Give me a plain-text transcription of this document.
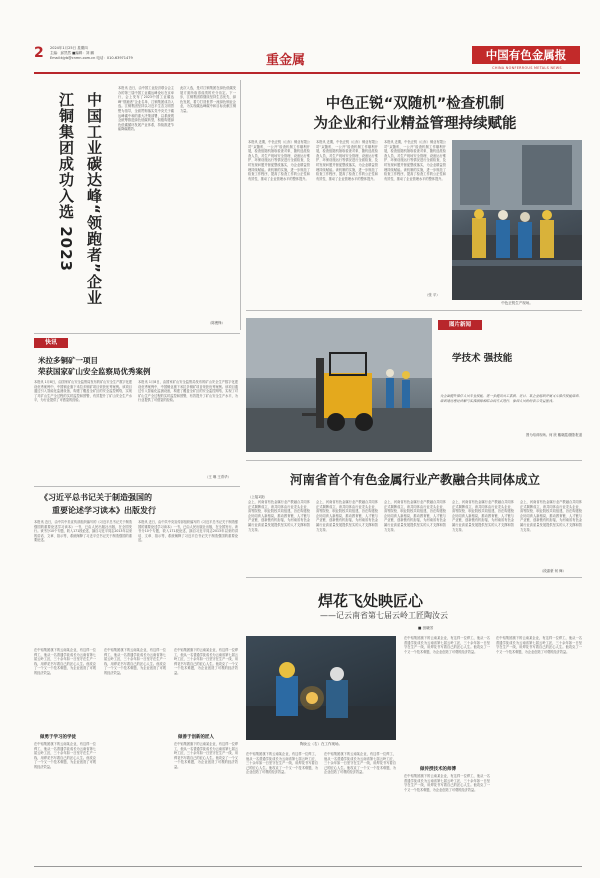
2 2024年1月25日 星期四
主编：邱然然 ■编辑：刘 鹏
Email:kjyb@cnmn.com.cn 电话：010-63971479	重金属	中国有色金属报
CHINA NONFERROUS METALS NEWS
中国工业碳达峰“领跑者”企业
江铜集团成功入选 2023
本报讯 近日，由中国工业经济联合会主办的第三届中国工业碳达峰论坛在京举行，会上发布了2023中国工业碳达峰“领跑者”企业名单，江铜集团成功入选。江铜集团坚持以习近平生态文明思想为指导，全面贯彻落实党中央关于碳达峰碳中和的重大决策部署，以系统观念统筹推进绿色低碳转型，积极构建绿色低碳循环发展产业体系，持续推进节能降碳增效。
此次入选，是对江铜集团在绿色低碳发展方面所取得成绩的充分肯定。下一步，江铜集团将继续坚持生态优先、绿色发展，着力打造世界一流绿色铜业企业，为实现碳达峰碳中和目标贡献江铜力量。
（陈俊锋）
快讯
米拉多铜矿一项目
荣获国家矿山安全监察局优秀案例
本报讯 1月8日，由国家矿山安全监察局发布的矿山安全生产数字化建设优秀案例中，中国铜业旗下米拉多铜矿项目荣获优秀案例。该项目通过引入智能化监测设备，构建了覆盖全矿区的安全监控网络，实现了对矿山生产全过程的实时监控和预警，有效提升了矿山安全生产水平，为行业提供了可借鉴的经验。
本报讯 1月8日，由国家矿山安全监察局发布的矿山安全生产数字化建设优秀案例中，中国铜业旗下米拉多铜矿项目荣获优秀案例。该项目通过引入智能化监测设备，构建了覆盖全矿区的安全监控网络，实现了对矿山生产全过程的实时监控和预警，有效提升了矿山安全生产水平，为行业提供了可借鉴的经验。
（王 琳 王青华）
《习近平总书记关于制造强国的
重要论述学习读本》出版发行
本报讯 近日，由中共中央宣传部组织编写的《习近平总书记关于制造强国的重要论述学习读本》一书，已由人民出版社出版，在全国发行。该书分10个专题，收入171段论述，摘自习近平同志2013年以来的讲话、文章、指示等，系统阐释了习近平总书记关于制造强国的重要论述。
本报讯 近日，由中共中央宣传部组织编写的《习近平总书记关于制造强国的重要论述学习读本》一书，已由人民出版社出版，在全国发行。该书分10个专题，收入171段论述，摘自习近平同志2013年以来的讲话、文章、指示等，系统阐释了习近平总书记关于制造强国的重要论述。
中色正锐“双随机”检查机制
为企业和行业精益管理持续赋能
本报讯 近期，中色正锐（山东）铜业有限公司“双随机、一公开”检查机制工作顺利开展，检查组随机抽取检查对象、随机选派检查人员，对生产现场安全管理、设备运行维护、环保设施运行等情况进行全面检查，及时发现问题并督促整改落实，为企业精益管理持续赋能。该机制的实施，进一步规范了检查工作程序，提高了检查工作的公正性和有效性，推动了企业管理水平的整体提升。
本报讯 近期，中色正锐（山东）铜业有限公司“双随机、一公开”检查机制工作顺利开展，检查组随机抽取检查对象、随机选派检查人员，对生产现场安全管理、设备运行维护、环保设施运行等情况进行全面检查，及时发现问题并督促整改落实，为企业精益管理持续赋能。该机制的实施，进一步规范了检查工作程序，提高了检查工作的公正性和有效性，推动了企业管理水平的整体提升。
本报讯 近期，中色正锐（山东）铜业有限公司“双随机、一公开”检查机制工作顺利开展，检查组随机抽取检查对象、随机选派检查人员，对生产现场安全管理、设备运行维护、环保设施运行等情况进行全面检查，及时发现问题并督促整改落实，为企业精益管理持续赋能。该机制的实施，进一步规范了检查工作程序，提高了检查工作的公正性和有效性，推动了企业管理水平的整体提升。
（张 平）
中色正锐生产现场。
图片新闻
学技术 强技能
为全面提升操作人员专业技能，进一步提高员工素质，近日，某企业组织开展叉车操作技能培训，培训通过理论讲解与实操演练相结合的方式进行，参训人员纷纷表示受益匪浅。
图为培训现场。何 欣 戴晓霞/摄影报道
河南省首个有色金属行业产教融合共同体成立
（上接1版）
会上，河南省有色金属行业产教融合共同体正式揭牌成立，该共同体由行业龙头企业、高等院校、职业院校共同组建，旨在构建校企协同育人新格局，推动教育链、人才链与产业链、创新链有机衔接，为河南省有色金属行业高质量发展提供坚实的人才支撑和智力支持。
会上，河南省有色金属行业产教融合共同体正式揭牌成立，该共同体由行业龙头企业、高等院校、职业院校共同组建，旨在构建校企协同育人新格局，推动教育链、人才链与产业链、创新链有机衔接，为河南省有色金属行业高质量发展提供坚实的人才支撑和智力支持。
会上，河南省有色金属行业产教融合共同体正式揭牌成立，该共同体由行业龙头企业、高等院校、职业院校共同组建，旨在构建校企协同育人新格局，推动教育链、人才链与产业链、创新链有机衔接，为河南省有色金属行业高质量发展提供坚实的人才支撑和智力支持。
会上，河南省有色金属行业产教融合共同体正式揭牌成立，该共同体由行业龙头企业、高等院校、职业院校共同组建，旨在构建校企协同育人新格局，推动教育链、人才链与产业链、创新链有机衔接，为河南省有色金属行业高质量发展提供坚实的人才支撑和智力支持。
会上，河南省有色金属行业产教融合共同体正式揭牌成立，该共同体由行业龙头企业、高等院校、职业院校共同组建，旨在构建校企协同育人新格局，推动教育链、人才链与产业链、创新链有机衔接，为河南省有色金属行业高质量发展提供坚实的人才支撑和智力支持。
（段嘉豪 何 燁）
焊花飞处映匠心
——记云南省第七届云岭工匠陶汝云
■ 田晓芳
陶汝云（右）在工作现场。
在中铝集团旗下的云南某企业，有这样一位焊工，他从一名普通学徒成长为云南省第七届云岭工匠，三十余年如一日坚守在生产一线，用焊花书写着自己的匠心人生。他攻克了一个又一个技术难题，为企业创造了可观的经济效益。
做勇于学习的学徒
在中铝集团旗下的云南某企业，有这样一位焊工，他从一名普通学徒成长为云南省第七届云岭工匠，三十余年如一日坚守在生产一线，用焊花书写着自己的匠心人生。他攻克了一个又一个技术难题，为企业创造了可观的经济效益。
在中铝集团旗下的云南某企业，有这样一位焊工，他从一名普通学徒成长为云南省第七届云岭工匠，三十余年如一日坚守在生产一线，用焊花书写着自己的匠心人生。他攻克了一个又一个技术难题，为企业创造了可观的经济效益。
在中铝集团旗下的云南某企业，有这样一位焊工，他从一名普通学徒成长为云南省第七届云岭工匠，三十余年如一日坚守在生产一线，用焊花书写着自己的匠心人生。他攻克了一个又一个技术难题，为企业创造了可观的经济效益。
做善于创新的匠人
在中铝集团旗下的云南某企业，有这样一位焊工，他从一名普通学徒成长为云南省第七届云岭工匠，三十余年如一日坚守在生产一线，用焊花书写着自己的匠心人生。他攻克了一个又一个技术难题，为企业创造了可观的经济效益。
在中铝集团旗下的云南某企业，有这样一位焊工，他从一名普通学徒成长为云南省第七届云岭工匠，三十余年如一日坚守在生产一线，用焊花书写着自己的匠心人生。他攻克了一个又一个技术难题，为企业创造了可观的经济效益。
在中铝集团旗下的云南某企业，有这样一位焊工，他从一名普通学徒成长为云南省第七届云岭工匠，三十余年如一日坚守在生产一线，用焊花书写着自己的匠心人生。他攻克了一个又一个技术难题，为企业创造了可观的经济效益。
在中铝集团旗下的云南某企业，有这样一位焊工，他从一名普通学徒成长为云南省第七届云岭工匠，三十余年如一日坚守在生产一线，用焊花书写着自己的匠心人生。他攻克了一个又一个技术难题，为企业创造了可观的经济效益。
做传授技术的师傅
在中铝集团旗下的云南某企业，有这样一位焊工，他从一名普通学徒成长为云南省第七届云岭工匠，三十余年如一日坚守在生产一线，用焊花书写着自己的匠心人生。他攻克了一个又一个技术难题，为企业创造了可观的经济效益。
在中铝集团旗下的云南某企业，有这样一位焊工，他从一名普通学徒成长为云南省第七届云岭工匠，三十余年如一日坚守在生产一线，用焊花书写着自己的匠心人生。他攻克了一个又一个技术难题，为企业创造了可观的经济效益。
